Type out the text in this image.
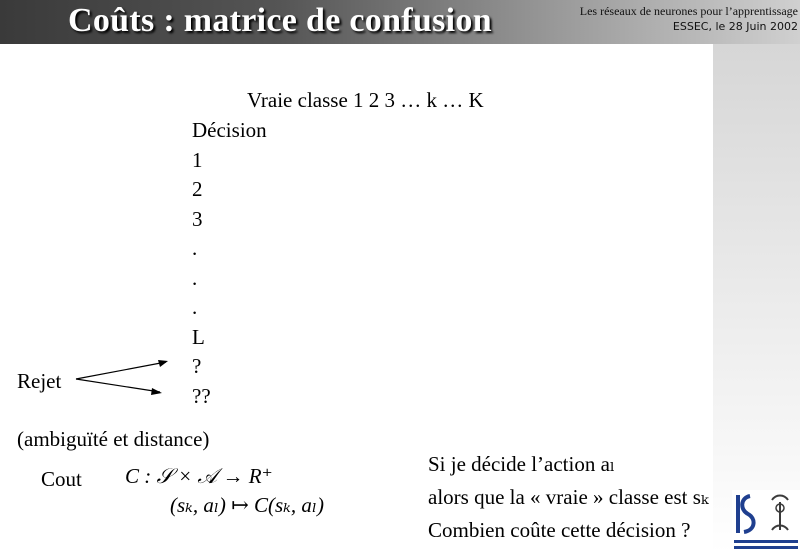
Coûts : matrice de confusion	Les réseaux de neurones pour l’apprentissage
ESSEC, le 28 Juin 2002
Vraie classe 1 2 3 … k … K
Décision
1
2
3
.
.
.
L
?
??
Rejet
(ambiguïté et distance)
Cout C : 𝒮 × 𝒜 → R⁺
(sₖ, aₗ) ↦ C(sₖ, aₗ)
Si je décide l’action aₗ
alors que la « vraie » classe est sₖ
Combien coûte cette décision ?
